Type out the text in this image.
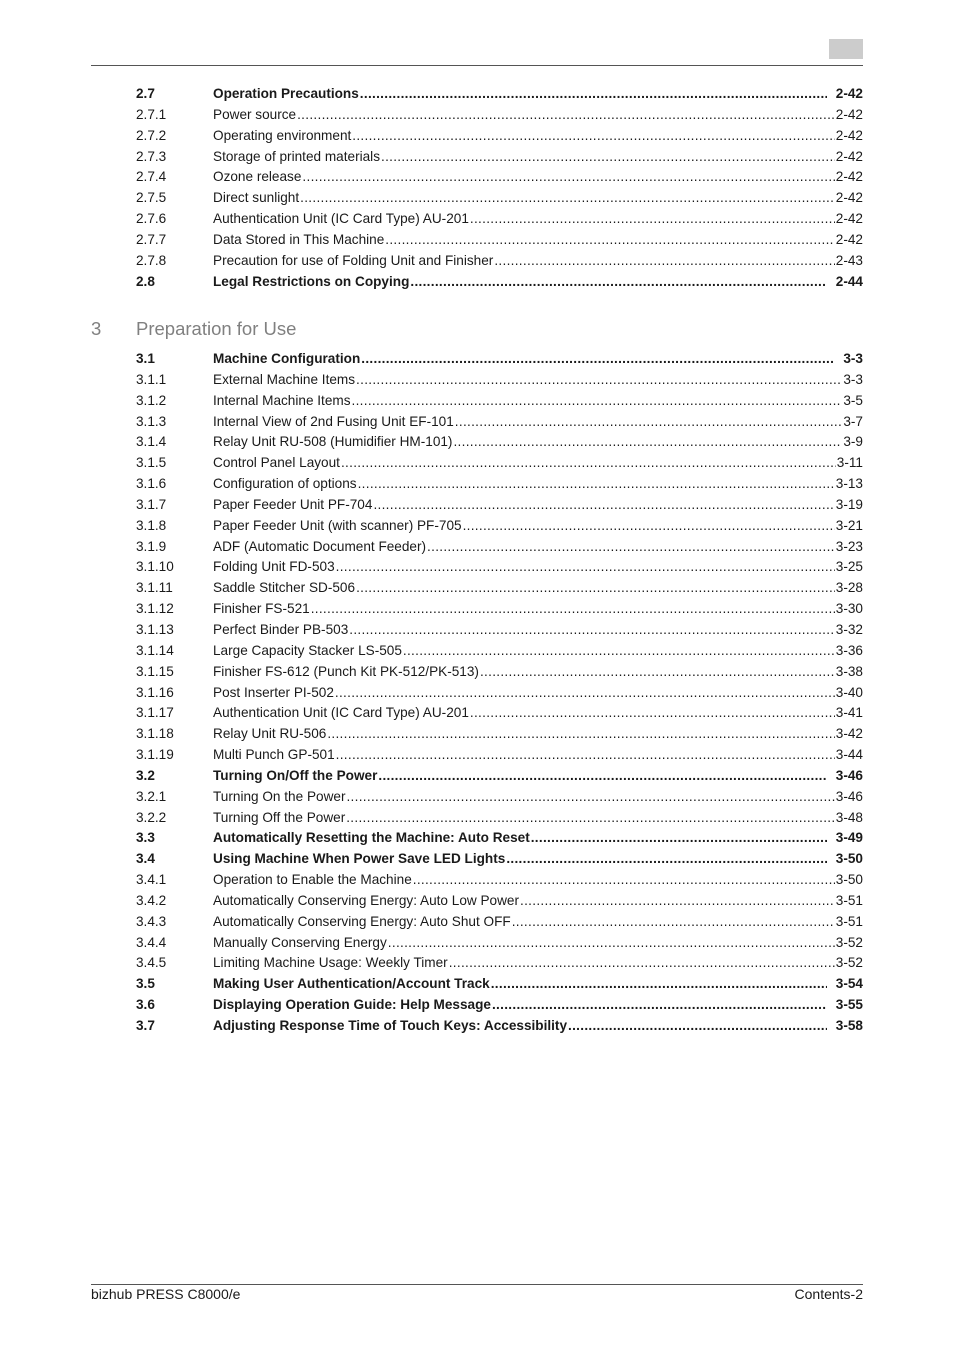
2.7	Operation Precautions .....	2-42
2.7.1	Power source .....	2-42
2.7.2	Operating environment .....	2-42
2.7.3	Storage of printed materials .....	2-42
2.7.4	Ozone release .....	2-42
2.7.5	Direct sunlight .....	2-42
2.7.6	Authentication Unit (IC Card Type) AU-201 .....	2-42
2.7.7	Data Stored in This Machine .....	2-42
2.7.8	Precaution for use of Folding Unit and Finisher .....	2-43
2.8	Legal Restrictions on Copying .....	2-44
3 Preparation for Use
3.1	Machine Configuration .....	3-3
3.1.1	External Machine Items .....	3-3
3.1.2	Internal Machine Items .....	3-5
3.1.3	Internal View of 2nd Fusing Unit EF-101 .....	3-7
3.1.4	Relay Unit RU-508 (Humidifier HM-101) .....	3-9
3.1.5	Control Panel Layout .....	3-11
3.1.6	Configuration of options .....	3-13
3.1.7	Paper Feeder Unit PF-704 .....	3-19
3.1.8	Paper Feeder Unit (with scanner) PF-705 .....	3-21
3.1.9	ADF (Automatic Document Feeder) .....	3-23
3.1.10	Folding Unit FD-503 .....	3-25
3.1.11	Saddle Stitcher SD-506 .....	3-28
3.1.12	Finisher FS-521 .....	3-30
3.1.13	Perfect Binder PB-503 .....	3-32
3.1.14	Large Capacity Stacker LS-505 .....	3-36
3.1.15	Finisher FS-612 (Punch Kit PK-512/PK-513) .....	3-38
3.1.16	Post Inserter PI-502 .....	3-40
3.1.17	Authentication Unit (IC Card Type) AU-201 .....	3-41
3.1.18	Relay Unit RU-506 .....	3-42
3.1.19	Multi Punch GP-501 .....	3-44
3.2	Turning On/Off the Power .....	3-46
3.2.1	Turning On the Power .....	3-46
3.2.2	Turning Off the Power .....	3-48
3.3	Automatically Resetting the Machine: Auto Reset .....	3-49
3.4	Using Machine When Power Save LED Lights .....	3-50
3.4.1	Operation to Enable the Machine .....	3-50
3.4.2	Automatically Conserving Energy: Auto Low Power .....	3-51
3.4.3	Automatically Conserving Energy: Auto Shut OFF .....	3-51
3.4.4	Manually Conserving Energy .....	3-52
3.4.5	Limiting Machine Usage: Weekly Timer .....	3-52
3.5	Making User Authentication/Account Track .....	3-54
3.6	Displaying Operation Guide: Help Message .....	3-55
3.7	Adjusting Response Time of Touch Keys: Accessibility .....	3-58
bizhub PRESS C8000/e	Contents-2
